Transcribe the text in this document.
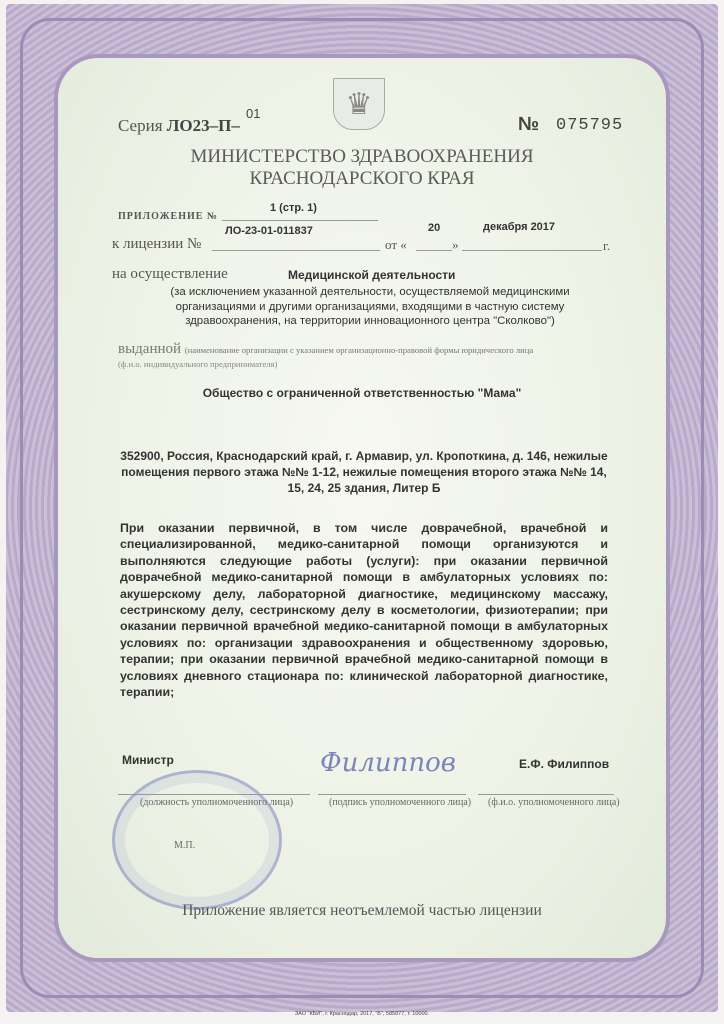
♛
Серия ЛО23–П–
01
№ 075795
МИНИСТЕРСТВО ЗДРАВООХРАНЕНИЯ
КРАСНОДАРСКОГО КРАЯ
ПРИЛОЖЕНИЕ №
1 (стр. 1)
к лицензии №
ЛО-23-01-011837
от «
20
»
декабря 2017
г.
на осуществление	Медицинской деятельности
(за исключением указанной деятельности, осуществляемой медицинскими организациями и другими организациями, входящими в частную систему здравоохранения, на территории инновационного центра "Сколково")
выданной (наименование организации с указанием организационно-правовой формы юридического лица
(ф.и.о. индивидуального предпринимателя)
Общество с ограниченной ответственностью "Мама"
352900, Россия, Краснодарский край, г. Армавир, ул. Кропоткина, д. 146, нежилые помещения первого этажа №№ 1-12, нежилые помещения второго этажа №№ 14, 15, 24, 25 здания, Литер Б
При оказании первичной, в том числе доврачебной, врачебной и специализированной, медико-санитарной помощи организуются и выполняются следующие работы (услуги): при оказании первичной доврачебной медико-санитарной помощи в амбулаторных условиях по: акушерскому делу, лабораторной диагностике, медицинскому массажу, сестринскому делу, сестринскому делу в косметологии, физиотерапии; при оказании первичной врачебной медико-санитарной помощи в амбулаторных условиях по: организации здравоохранения и общественному здоровью, терапии; при оказании первичной врачебной медико-санитарной помощи в условиях дневного стационара по: клинической лабораторной диагностике, терапии;
М.П.
Министр	Филиппов	Е.Ф. Филиппов
(должность уполномоченного лица)	(подпись уполномоченного лица) (ф.и.о. уполномоченного лица)
Приложение является неотъемлемой частью лицензии
ЗАО "КБИ", г. Краснодар, 2017, "Б", 585877, т. 10000.
